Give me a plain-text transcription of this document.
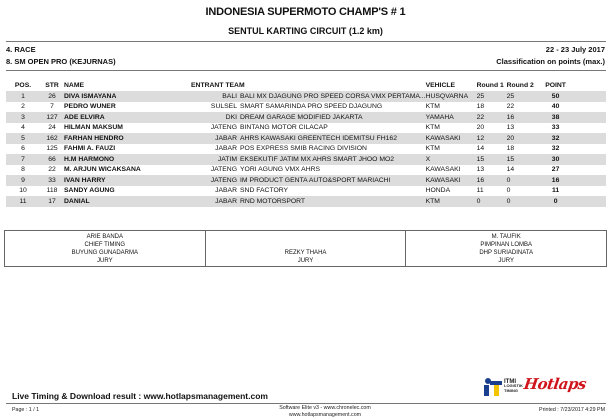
INDONESIA SUPERMOTO CHAMP'S # 1
SENTUL KARTING CIRCUIT (1.2 km)
4. RACE	22 - 23 July 2017
8. SM OPEN PRO (KEJURNAS)	Classification on points (max.)
POS.	STR	NAME	ENTRANT TEAM		VEHICLE	Round 1	Round 2	POINT	
1	26	DIVA ISMAYANA	BALI	BALI MX DJAGUNG PRO SPEED CORSA VMX PERTAMA...	HUSQVARNA	25	25	50	
2	7	PEDRO WUNER	SULSEL	SMART SAMARINDA PRO SPEED DJAGUNG	KTM	18	22	40	
3	127	ADE ELVIRA	DKI	DREAM GARAGE MODIFIED JAKARTA	YAMAHA	22	16	38	
4	24	HILMAN MAKSUM	JATENG	BINTANG MOTOR CILACAP	KTM	20	13	33	
5	162	FARHAN HENDRO	JABAR	AHRS KAWASAKI GREENTECH IDEMITSU FH162	KAWASAKI	12	20	32	
6	125	FAHMI A. FAUZI	JABAR	POS EXPRESS SMIB RACING DIVISION	KTM	14	18	32	
7	66	H.M HARMONO	JATIM	EKSEKUTIF JATIM MX AHRS SMART JHOO MO2	X	15	15	30	
8	22	M. ARJUN WICAKSANA	JATENG	YORI AGUNG VMX AHRS	KAWASAKI	13	14	27	
9	33	IVAN HARRY	JATENG	IM PRODUCT GENTA AUTO&SPORT MARIACHI	KAWASAKI	16	0	16	
10	118	SANDY AGUNG	JABAR	SND FACTORY	HONDA	11	0	11	
11	17	DANIAL	JABAR	RND MOTORSPORT	KTM	0	0	0	
ARIE BANDA
CHIEF TIMING
BUYUNG GUNADARMA
JURY
REZKY THAHA
JURY
M. TAUFIK
PIMPINAN LOMBA
DHP SURIADINATA
JURY
Live Timing & Download result : www.hotlapsmanagement.com
ITMI
LOGISTIK
TIMING Hotlaps
Page : 1 / 1	Software Elite v3 - www.chronelec.com
www.hotlapsmanagement.com
Printed : 7/23/2017 4:29 PM
